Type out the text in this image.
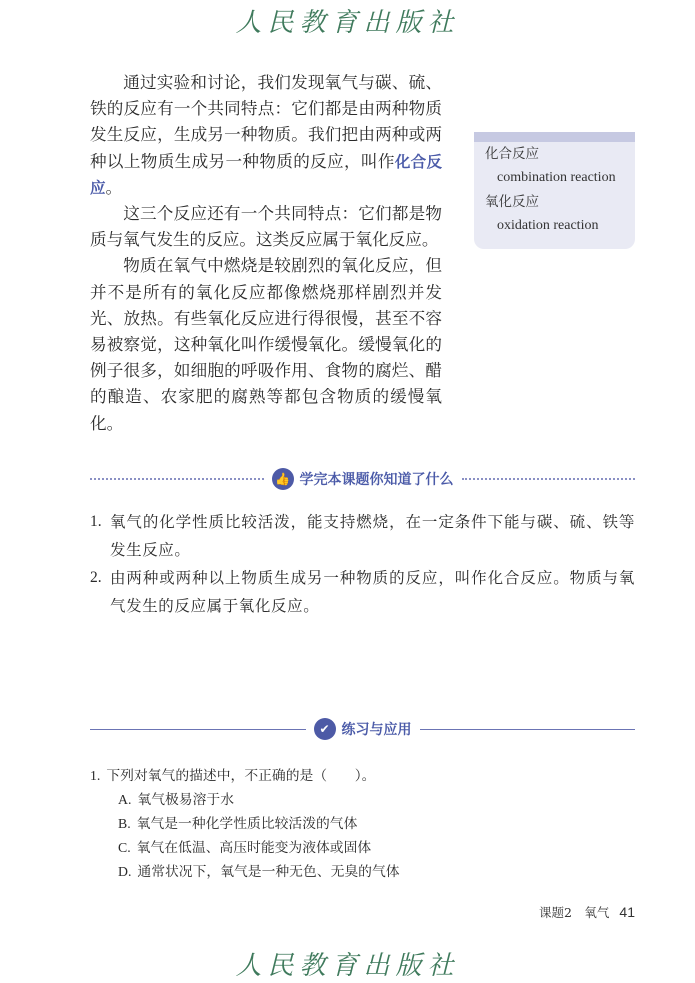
人民教育出版社

通过实验和讨论，我们发现氧气与碳、硫、铁的反应有一个共同特点：它们都是由两种物质发生反应，生成另一种物质。我们把由两种或两种以上物质生成另一种物质的反应，叫作化合反应。

这三个反应还有一个共同特点：它们都是物质与氧气发生的反应。这类反应属于氧化反应。

物质在氧气中燃烧是较剧烈的氧化反应，但并不是所有的氧化反应都像燃烧那样剧烈并发光、放热。有些氧化反应进行得很慢，甚至不容易被察觉，这种氧化叫作缓慢氧化。缓慢氧化的例子很多，如细胞的呼吸作用、食物的腐烂、醋的酿造、农家肥的腐熟等都包含物质的缓慢氧化。

化合反应
combination reaction
氧化反应
oxidation reaction
👍 学完本课题你知道了什么
1. 氧气的化学性质比较活泼，能支持燃烧，在一定条件下能与碳、硫、铁等发生反应。
2. 由两种或两种以上物质生成另一种物质的反应，叫作化合反应。物质与氧气发生的反应属于氧化反应。
✔ 练习与应用
1. 下列对氧气的描述中，不正确的是（　　）。
A. 氧气极易溶于水
B. 氧气是一种化学性质比较活泼的气体
C. 氧气在低温、高压时能变为液体或固体
D. 通常状况下，氧气是一种无色、无臭的气体
课题2　氧气 41
人民教育出版社
